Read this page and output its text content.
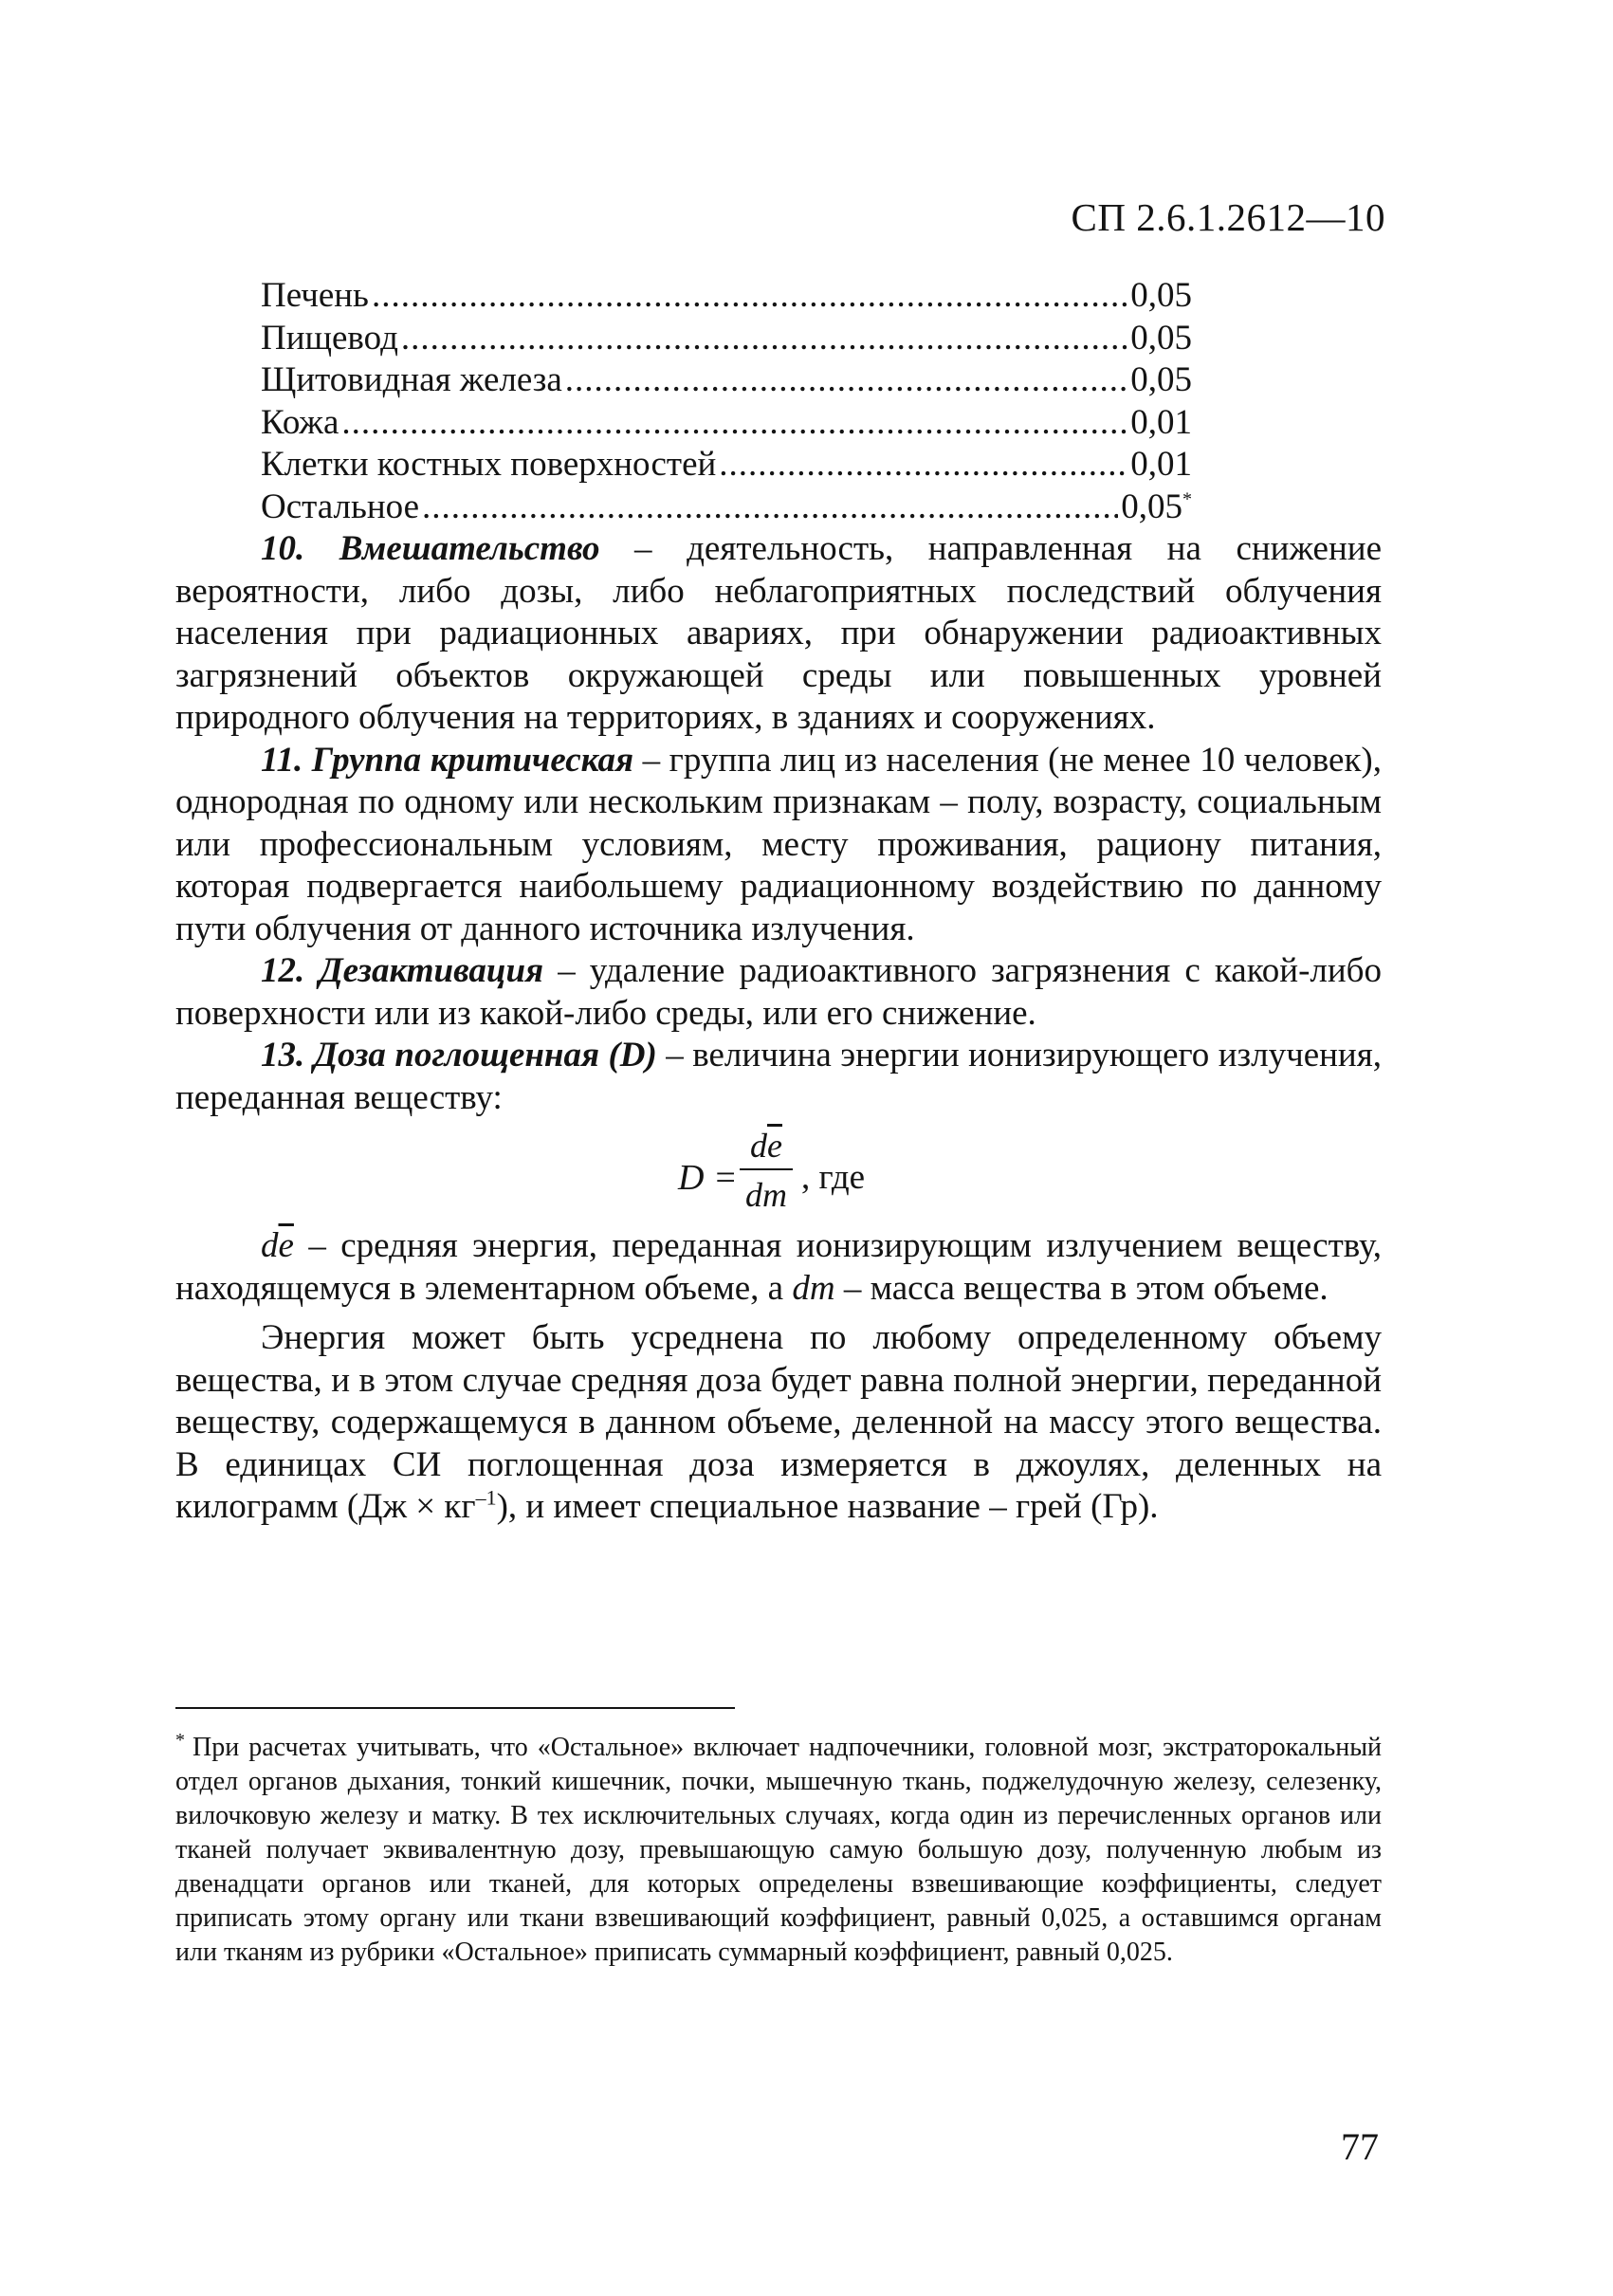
СП 2.6.1.2612—10
Печень .....	0,05
Пищевод .....	0,05
Щитовидная железа .....	0,05
Кожа .....	0,01
Клетки костных поверхностей .....	0,01
Остальное .....	0,05*

10. Вмешательство – деятельность, направленная на снижение вероятности, либо дозы, либо неблагоприятных последствий облучения населения при радиационных авариях, при обнаружении радиоактивных загрязнений объектов окружающей среды или повышенных уровней природного облучения на территориях, в зданиях и сооружениях.

11. Группа критическая – группа лиц из населения (не менее 10 человек), однородная по одному или нескольким признакам – полу, возрасту, социальным или профессиональным условиям, месту проживания, рациону питания, которая подвергается наибольшему радиационному воздействию по данному пути облучения от данного источника излучения.

12. Дезактивация – удаление радиоактивного загрязнения с какой-либо поверхности или из какой-либо среды, или его снижение.

13. Доза поглощенная (D) – величина энергии ионизирующего излучения, переданная веществу:

D =
$d\overline{e}$
dm , где

$d\overline{e}$ – средняя энергия, переданная ионизирующим излучением веществу, находящемуся в элементарном объеме, а dm – масса вещества в этом объеме.

Энергия может быть усреднена по любому определенному объему вещества, и в этом случае средняя доза будет равна полной энергии, переданной веществу, содержащемуся в данном объеме, деленной на массу этого вещества. В единицах СИ поглощенная доза измеряется в джоулях, деленных на килограмм $(Дж \times кг^{-1})$, и имеет специальное название – грей (Гр).

* При расчетах учитывать, что «Остальное» включает надпочечники, головной мозг, экстраторокальный отдел органов дыхания, тонкий кишечник, почки, мышечную ткань, поджелудочную железу, селезенку, вилочковую железу и матку. В тех исключительных случаях, когда один из перечисленных органов или тканей получает эквивалентную дозу, превышающую самую большую дозу, полученную любым из двенадцати органов или тканей, для которых определены взвешивающие коэффициенты, следует приписать этому органу или ткани взвешивающий коэффициент, равный 0,025, а оставшимся органам или тканям из рубрики «Остальное» приписать суммарный коэффициент, равный 0,025.
77
